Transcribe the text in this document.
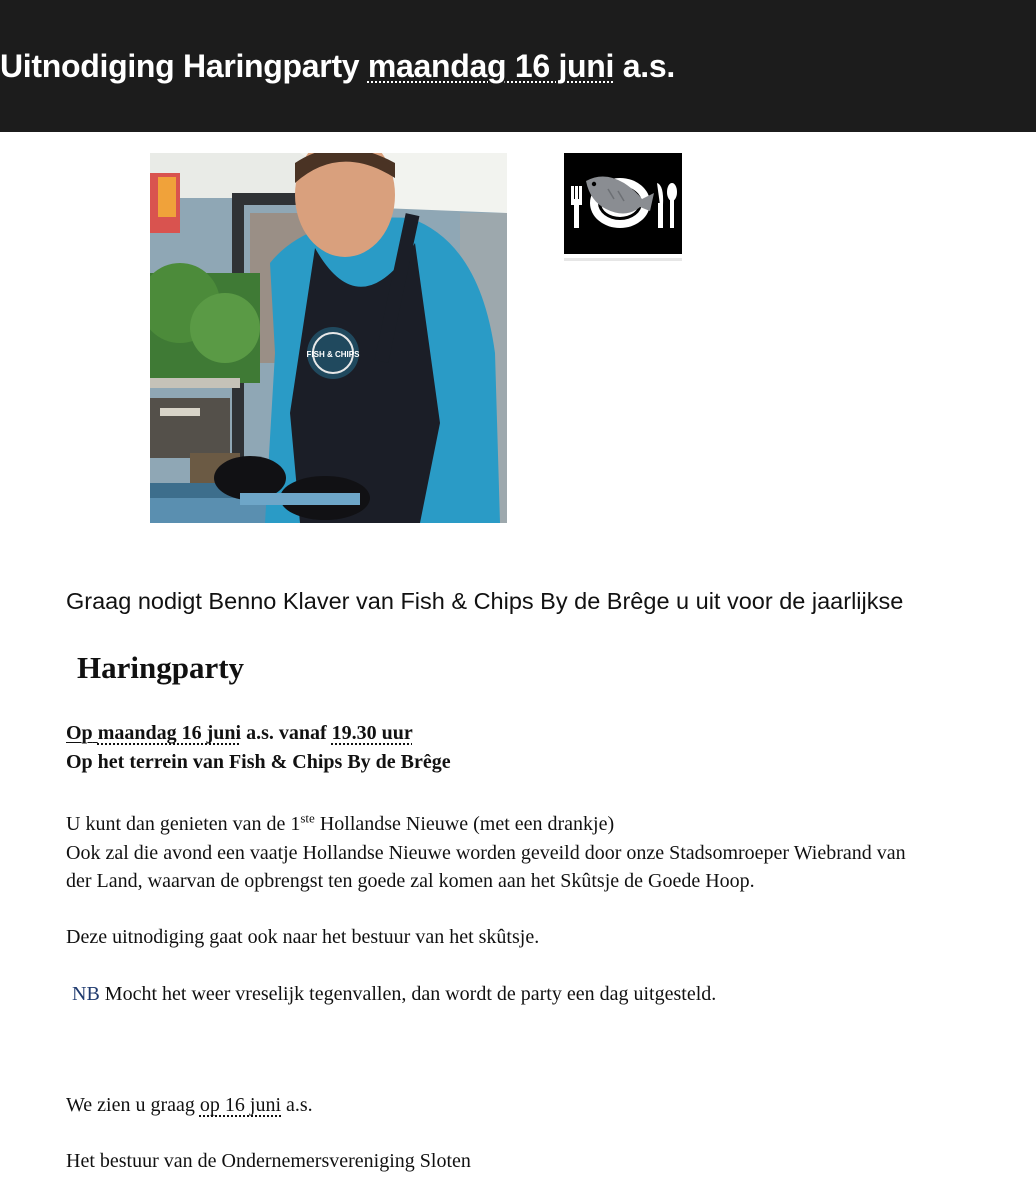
Uitnodiging Haringparty maandag 16 juni a.s.
FISH & CHIPS

Graag nodigt Benno Klaver van Fish & Chips By de Brêge u uit voor de jaarlijkse

Haringparty

Op maandag 16 juni a.s. vanaf 19.30 uur

Op het terrein van Fish & Chips By de Brêge

U kunt dan genieten van de 1ste Hollandse Nieuwe (met een drankje)

Ook zal die avond een vaatje Hollandse Nieuwe worden geveild door onze Stadsomroeper Wiebrand van

der Land, waarvan de opbrengst ten goede zal komen aan het Skûtsje de Goede Hoop.

Deze uitnodiging gaat ook naar het bestuur van het skûtsje.

NB Mocht het weer vreselijk tegenvallen, dan wordt de party een dag uitgesteld.

We zien u graag op 16 juni a.s.

Het bestuur van de Ondernemersvereniging Sloten
